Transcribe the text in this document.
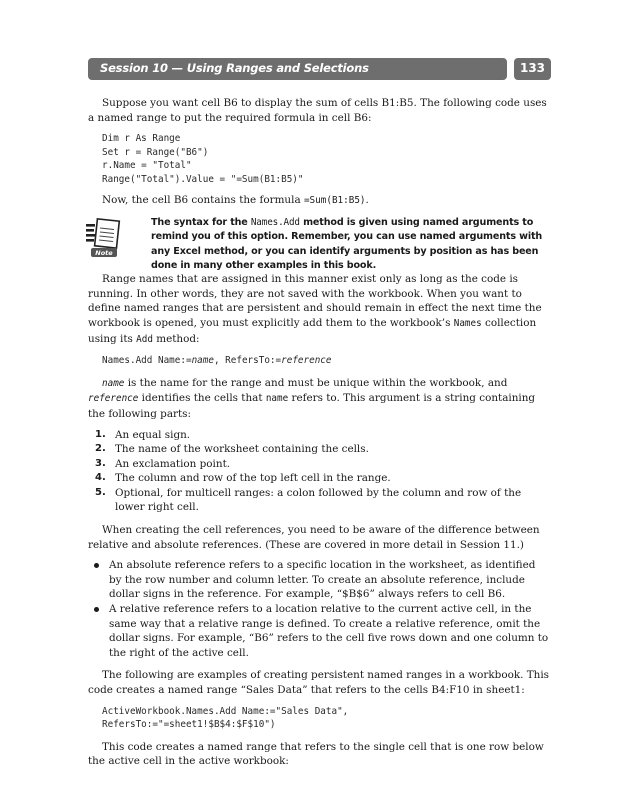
Session 10 — Using Ranges and Selections	133

Suppose you want cell B6 to display the sum of cells B1:B5. The following code uses a named range to put the required formula in cell B6:

Dim r As Range
Set r = Range("B6")
r.Name = "Total"
Range("Total").Value = "=Sum(B1:B5)"

Now, the cell B6 contains the formula =Sum(B1:B5).

Note
The syntax for the Names.Add method is given using named arguments to remind you of this option. Remember, you can use named arguments with any Excel method, or you can identify arguments by position as has been done in many other examples in this book.

Range names that are assigned in this manner exist only as long as the code is running. In other words, they are not saved with the workbook. When you want to define named ranges that are persistent and should remain in effect the next time the workbook is opened, you must explicitly add them to the workbook’s Names collection using its Add method:

Names.Add Name:=name, RefersTo:=reference

name is the name for the range and must be unique within the workbook, and reference identifies the cells that name refers to. This argument is a string containing the following parts:

1. An equal sign.
2. The name of the worksheet containing the cells.
3. An exclamation point.
4. The column and row of the top left cell in the range.
5. Optional, for multicell ranges: a colon followed by the column and row of the lower right cell.

When creating the cell references, you need to be aware of the difference between relative and absolute references. (These are covered in more detail in Session 11.)

An absolute reference refers to a specific location in the worksheet, as identified by the row number and column letter. To create an absolute reference, include dollar signs in the reference. For example, “$B$6” always refers to cell B6.
A relative reference refers to a location relative to the current active cell, in the same way that a relative range is defined. To create a relative reference, omit the dollar signs. For example, “B6” refers to the cell five rows down and one column to the right of the active cell.

The following are examples of creating persistent named ranges in a workbook. This code creates a named range “Sales Data” that refers to the cells B4:F10 in sheet1:

ActiveWorkbook.Names.Add Name:="Sales Data",
RefersTo:="=sheet1!$B$4:$F$10")

This code creates a named range that refers to the single cell that is one row below the active cell in the active workbook:
